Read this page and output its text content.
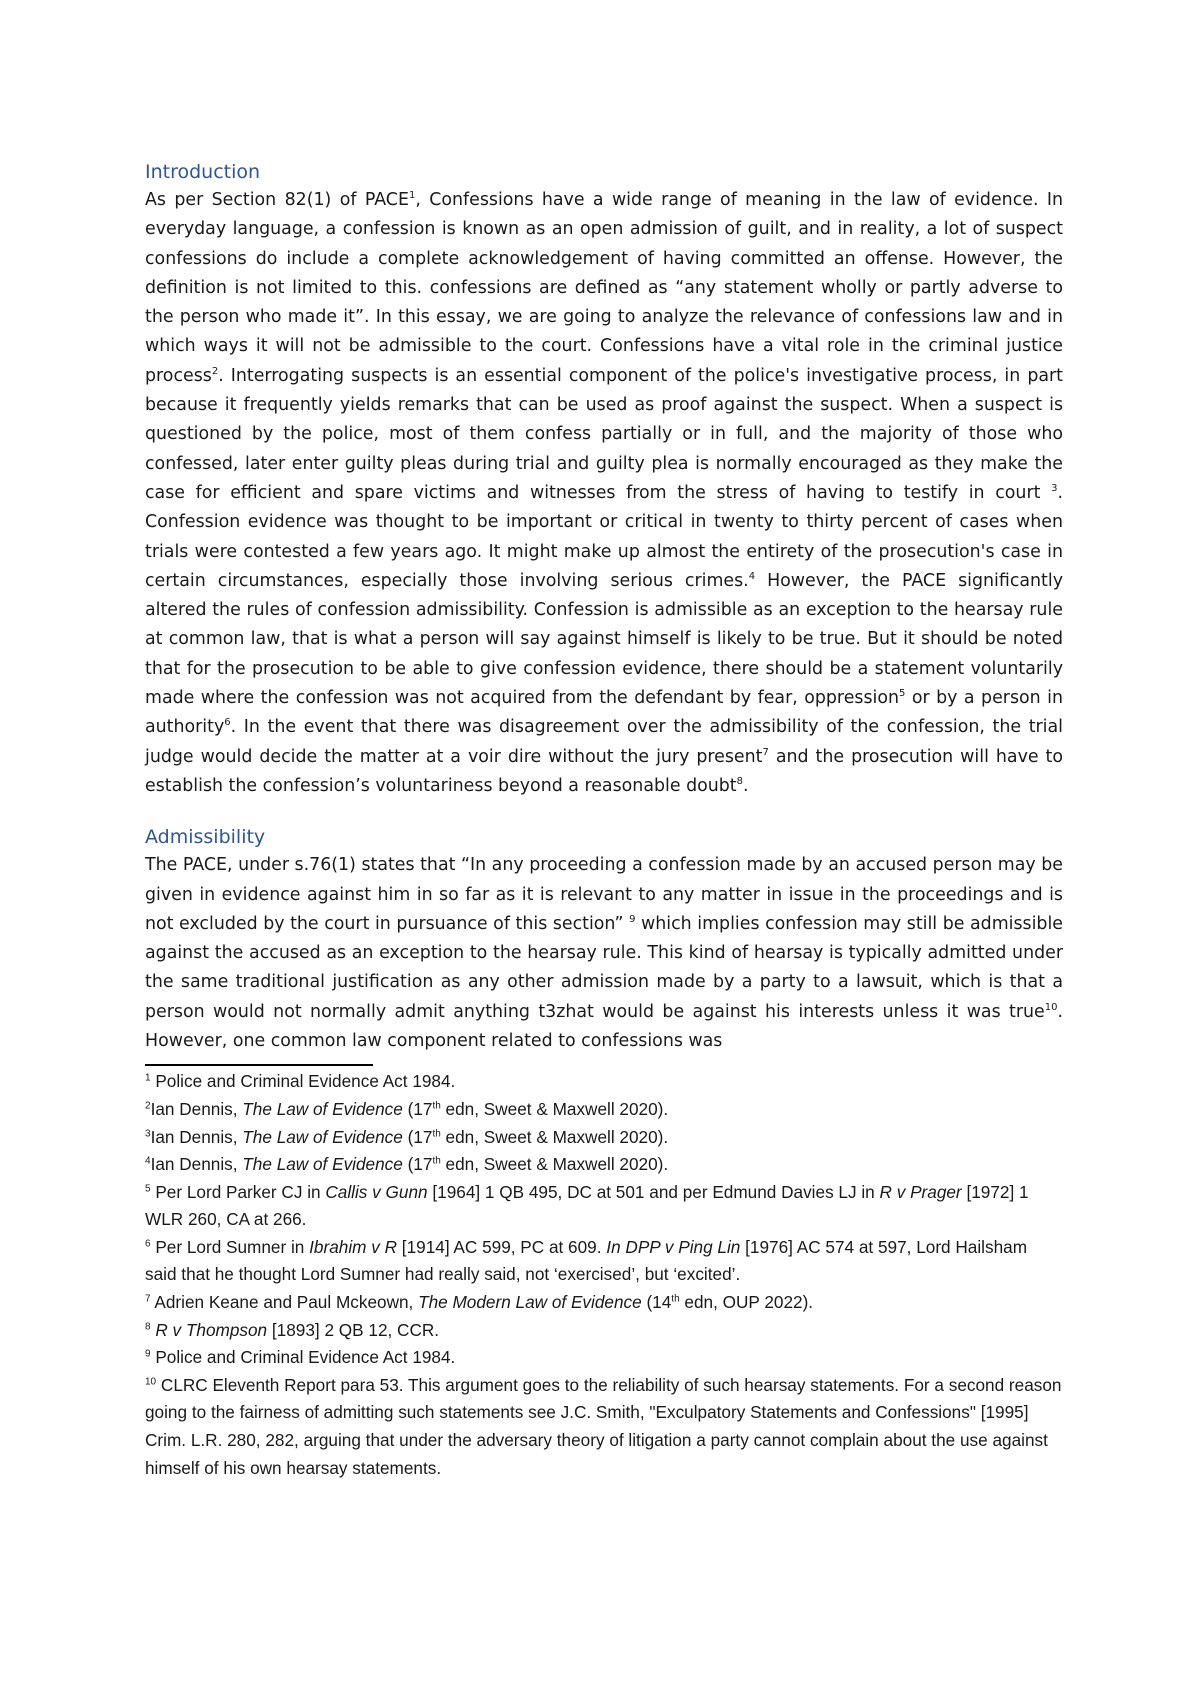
Introduction

As per Section 82(1) of PACE$^1$, Confessions have a wide range of meaning in the law of evidence. In everyday language, a confession is known as an open admission of guilt, and in reality, a lot of suspect confessions do include a complete acknowledgement of having committed an offense. However, the definition is not limited to this. confessions are defined as “any statement wholly or partly adverse to the person who made it”. In this essay, we are going to analyze the relevance of confessions law and in which ways it will not be admissible to the court. Confessions have a vital role in the criminal justice process$^2$. Interrogating suspects is an essential component of the police's investigative process, in part because it frequently yields remarks that can be used as proof against the suspect. When a suspect is questioned by the police, most of them confess partially or in full, and the majority of those who confessed, later enter guilty pleas during trial and guilty plea is normally encouraged as they make the case for efficient and spare victims and witnesses from the stress of having to testify in court $^3$. Confession evidence was thought to be important or critical in twenty to thirty percent of cases when trials were contested a few years ago. It might make up almost the entirety of the prosecution's case in certain circumstances, especially those involving serious crimes.$^4$ However, the PACE significantly altered the rules of confession admissibility. Confession is admissible as an exception to the hearsay rule at common law, that is what a person will say against himself is likely to be true. But it should be noted that for the prosecution to be able to give confession evidence, there should be a statement voluntarily made where the confession was not acquired from the defendant by fear, oppression$^5$ or by a person in authority$^6$. In the event that there was disagreement over the admissibility of the confession, the trial judge would decide the matter at a voir dire without the jury present$^7$ and the prosecution will have to establish the confession’s voluntariness beyond a reasonable doubt$^8$.

Admissibility

The PACE, under s.76(1) states that “In any proceeding a confession made by an accused person may be given in evidence against him in so far as it is relevant to any matter in issue in the proceedings and is not excluded by the court in pursuance of this section” $^9$ which implies confession may still be admissible against the accused as an exception to the hearsay rule. This kind of hearsay is typically admitted under the same traditional justification as any other admission made by a party to a lawsuit, which is that a person would not normally admit anything t3zhat would be against his interests unless it was true$^{10}$. However, one common law component related to confessions was

$^1$ Police and Criminal Evidence Act 1984.

$^2$Ian Dennis, The Law of Evidence (17th edn, Sweet & Maxwell 2020).

$^3$Ian Dennis, The Law of Evidence (17th edn, Sweet & Maxwell 2020).

$^4$Ian Dennis, The Law of Evidence (17th edn, Sweet & Maxwell 2020).

$^5$ Per Lord Parker CJ in Callis v Gunn [1964] 1 QB 495, DC at 501 and per Edmund Davies LJ in R v Prager [1972] 1 WLR 260, CA at 266.

$^6$ Per Lord Sumner in Ibrahim v R [1914] AC 599, PC at 609. In DPP v Ping Lin [1976] AC 574 at 597, Lord Hailsham said that he thought Lord Sumner had really said, not ‘exercised’, but ‘excited’.

$^7$ Adrien Keane and Paul Mckeown, The Modern Law of Evidence (14th edn, OUP 2022).

$^8$ R v Thompson [1893] 2 QB 12, CCR.

$^9$ Police and Criminal Evidence Act 1984.

$^{10}$ CLRC Eleventh Report para 53. This argument goes to the reliability of such hearsay statements. For a second reason going to the fairness of admitting such statements see J.C. Smith, "Exculpatory Statements and Confessions" [1995] Crim. L.R. 280, 282, arguing that under the adversary theory of litigation a party cannot complain about the use against himself of his own hearsay statements.
